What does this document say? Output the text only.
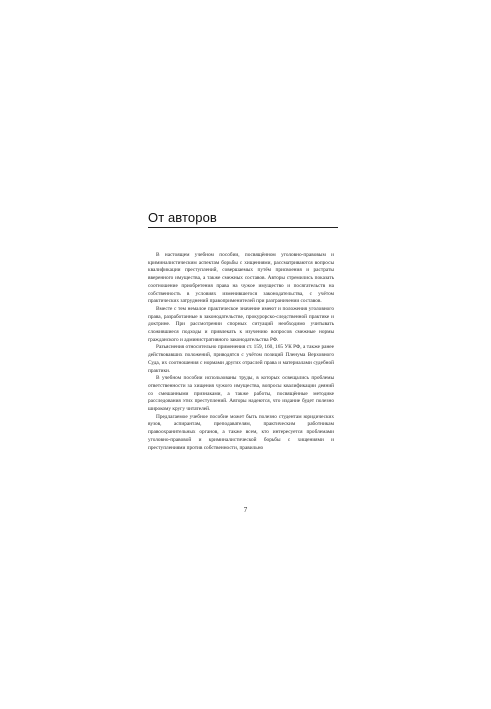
От авторов

В настоящем учебном пособии, посвящённом уголовно-правовым и криминалистическим аспектам борьбы с хищениями, рассматриваются вопросы квалификации преступлений, совершаемых путём присвоения и растраты вверенного имущества, а также смежных составов. Авторы стремились показать соотношение приобретения права на чужое имущество и посягательств на собственность в условиях изменившегося законодательства, с учётом практических затруднений правоприменителей при разграничении составов.

Вместе с тем немалое практическое значение имеют и положения уголовного права, разработанные в законодательстве, прокурорско-следственной практике и доктрине. При рассмотрении спорных ситуаций необходимо учитывать сложившиеся подходы и привлекать к изучению вопросов смежные нормы гражданского и административного законодательства РФ.

Разъяснения относительно применения ст. 159, 160, 165 УК РФ, а также ранее действовавших положений, приводятся с учётом позиций Пленума Верховного Суда, их соотношения с нормами других отраслей права и материалами судебной практики.

В учебном пособии использованы труды, в которых освещались проблемы ответственности за хищения чужого имущества, вопросы квалификации деяний со смешанными признаками, а также работы, посвящённые методике расследования этих преступлений. Авторы надеются, что издание будет полезно широкому кругу читателей.

Предлагаемое учебное пособие может быть полезно студентам юридических вузов, аспирантам, преподавателям, практическим работникам правоохранительных органов, а также всем, кто интересуется проблемами уголовно-правовой и криминалистической борьбы с хищениями и преступлениями против собственности, правильно

7
